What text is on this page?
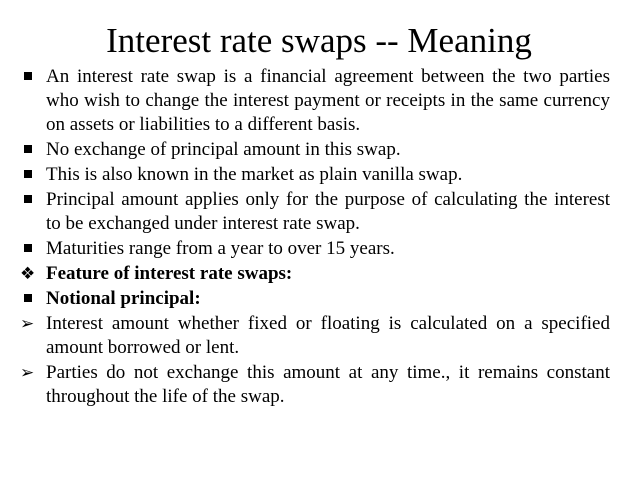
Interest rate swaps -- Meaning
An interest rate swap is a financial agreement between the two parties who wish to change the interest payment or receipts in the same currency on assets or liabilities to a different basis.
No exchange of principal amount in this swap.
This is also known in the market as plain vanilla swap.
Principal amount applies only for the purpose of calculating the interest to be exchanged under interest rate swap.
Maturities range from a year to over 15 years.
❖ Feature of interest rate swaps:
Notional principal:
➢ Interest amount whether fixed or floating is calculated on a specified amount borrowed or lent.
➢ Parties do not exchange this amount at any time., it remains constant throughout the life of the swap.
